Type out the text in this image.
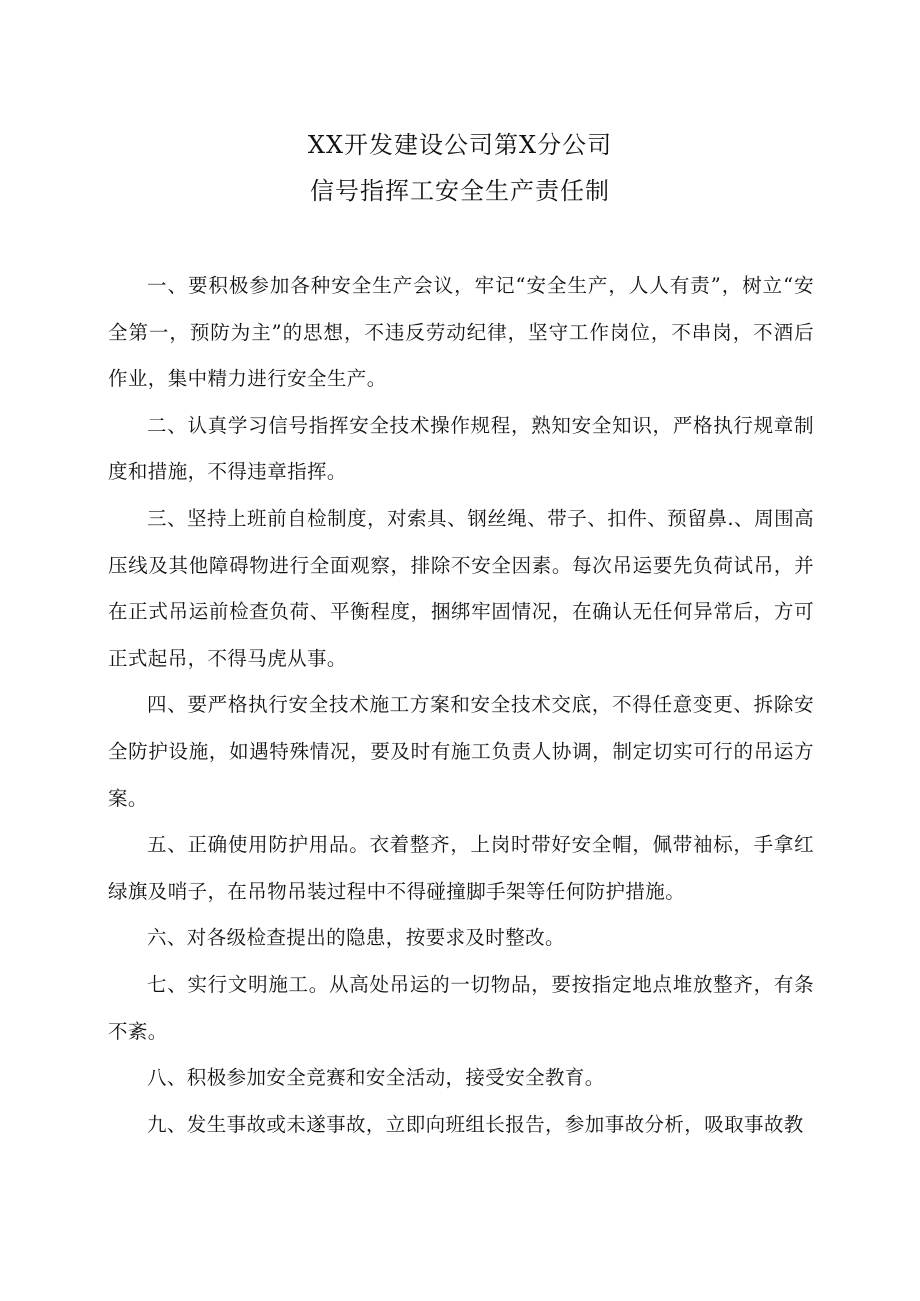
XX开发建设公司第X分公司

信号指挥工安全生产责任制

一、要积极参加各种安全生产会议，牢记“安全生产，人人有责”，树立“安全第一，预防为主”的思想，不违反劳动纪律，坚守工作岗位，不串岗，不酒后作业，集中精力进行安全生产。

二、认真学习信号指挥安全技术操作规程，熟知安全知识，严格执行规章制度和措施，不得违章指挥。

三、坚持上班前自检制度，对索具、钢丝绳、带子、扣件、预留鼻.、周围高压线及其他障碍物进行全面观察，排除不安全因素。每次吊运要先负荷试吊，并在正式吊运前检查负荷、平衡程度，捆绑牢固情况，在确认无任何异常后，方可正式起吊，不得马虎从事。

四、要严格执行安全技术施工方案和安全技术交底，不得任意变更、拆除安全防护设施，如遇特殊情况，要及时有施工负责人协调，制定切实可行的吊运方案。

五、正确使用防护用品。衣着整齐，上岗时带好安全帽，佩带袖标，手拿红绿旗及哨子，在吊物吊装过程中不得碰撞脚手架等任何防护措施。

六、对各级检查提出的隐患，按要求及时整改。

七、实行文明施工。从高处吊运的一切物品，要按指定地点堆放整齐，有条不紊。

八、积极参加安全竞赛和安全活动，接受安全教育。

九、发生事故或未遂事故，立即向班组长报告，参加事故分析，吸取事故教
